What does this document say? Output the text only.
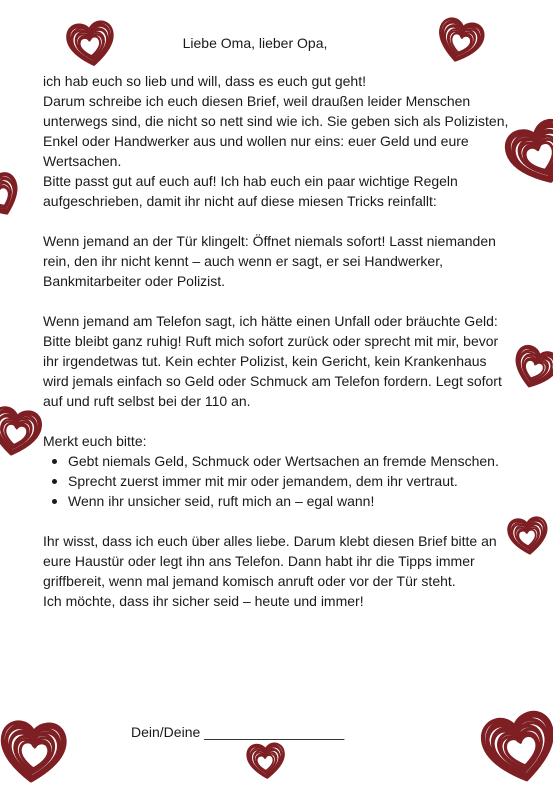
Liebe Oma, lieber Opa,

ich hab euch so lieb und will, dass es euch gut geht!

Darum schreibe ich euch diesen Brief, weil draußen leider Menschen unterwegs sind, die nicht so nett sind wie ich. Sie geben sich als Polizisten, Enkel oder Handwerker aus und wollen nur eins: euer Geld und eure Wertsachen.

Bitte passt gut auf euch auf! Ich hab euch ein paar wichtige Regeln aufgeschrieben, damit ihr nicht auf diese miesen Tricks reinfallt:

Wenn jemand an der Tür klingelt: Öffnet niemals sofort! Lasst niemanden rein, den ihr nicht kennt – auch wenn er sagt, er sei Handwerker, Bankmitarbeiter oder Polizist.

Wenn jemand am Telefon sagt, ich hätte einen Unfall oder bräuchte Geld: Bitte bleibt ganz ruhig! Ruft mich sofort zurück oder sprecht mit mir, bevor ihr irgendetwas tut. Kein echter Polizist, kein Gericht, kein Krankenhaus wird jemals einfach so Geld oder Schmuck am Telefon fordern. Legt sofort auf und ruft selbst bei der 110 an.

Merkt euch bitte:

Gebt niemals Geld, Schmuck oder Wertsachen an fremde Menschen.
Sprecht zuerst immer mit mir oder jemandem, dem ihr vertraut.
Wenn ihr unsicher seid, ruft mich an – egal wann!

Ihr wisst, dass ich euch über alles liebe. Darum klebt diesen Brief bitte an eure Haustür oder legt ihn ans Telefon. Dann habt ihr die Tipps immer griffbereit, wenn mal jemand komisch anruft oder vor der Tür steht.

Ich möchte, dass ihr sicher seid – heute und immer!

Dein/Deine __________________
